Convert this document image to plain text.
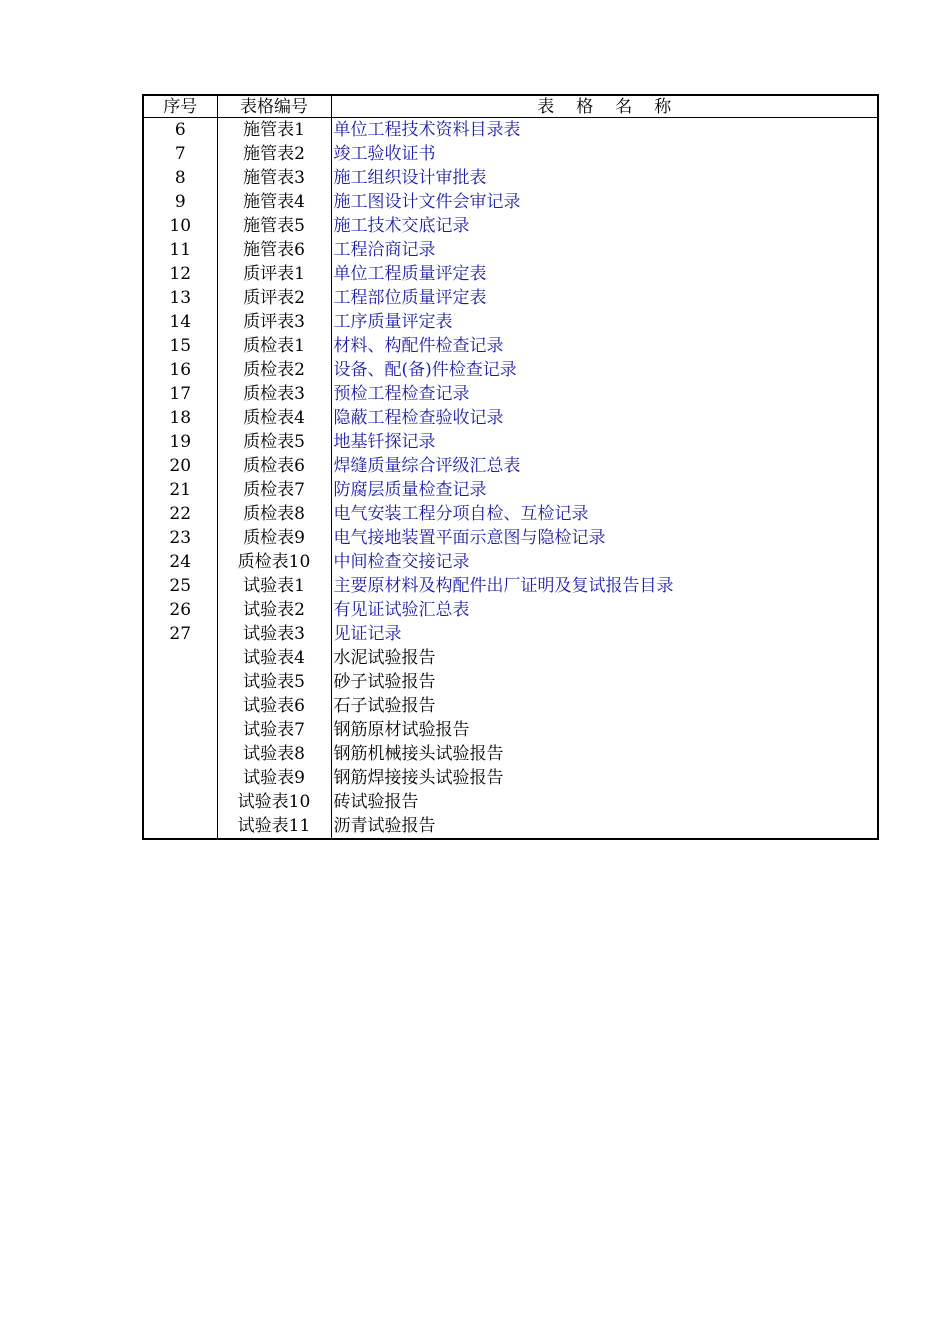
序号	表格编号	表格名称
6	施管表1	单位工程技术资料目录表
7	施管表2	竣工验收证书
8	施管表3	施工组织设计审批表
9	施管表4	施工图设计文件会审记录
10	施管表5	施工技术交底记录
11	施管表6	工程洽商记录
12	质评表1	单位工程质量评定表
13	质评表2	工程部位质量评定表
14	质评表3	工序质量评定表
15	质检表1	材料、构配件检查记录
16	质检表2	设备、配(备)件检查记录
17	质检表3	预检工程检查记录
18	质检表4	隐蔽工程检查验收记录
19	质检表5	地基钎探记录
20	质检表6	焊缝质量综合评级汇总表
21	质检表7	防腐层质量检查记录
22	质检表8	电气安装工程分项自检、互检记录
23	质检表9	电气接地装置平面示意图与隐检记录
24	质检表10	中间检查交接记录
25	试验表1	主要原材料及构配件出厂证明及复试报告目录
26	试验表2	有见证试验汇总表
27	试验表3	见证记录
	试验表4	水泥试验报告
	试验表5	砂子试验报告
	试验表6	石子试验报告
	试验表7	钢筋原材试验报告
	试验表8	钢筋机械接头试验报告
	试验表9	钢筋焊接接头试验报告
	试验表10	砖试验报告
	试验表11	沥青试验报告
